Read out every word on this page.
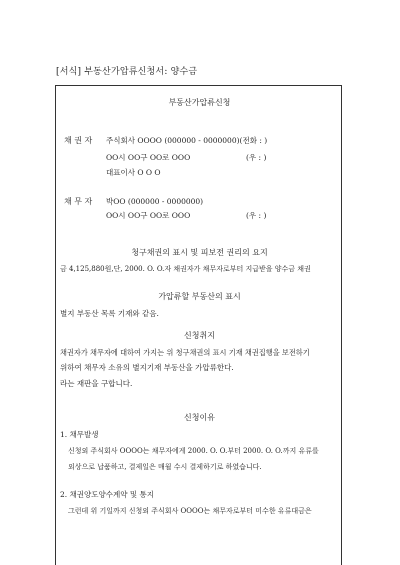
[서식] 부동산가압류신청서: 양수금
부동산가압류신청
채 권 자 주식회사 OOOO (000000 - 0000000)(전화 : )
OO시 OO구 OO로 OOO	(우 : )
대표이사 O O O
채 무 자 박OO (000000 - 0000000)
OO시 OO구 OO로 OOO	(우 : )
청구채권의 표시 및 피보전 권리의 요지
금 4,125,880원,단, 2000. O. O.자 채권자가 채무자로부터 지급받을 양수금 채권
가압류할 부동산의 표시
별지 부동산 목록 기재와 같음.
신청취지
채권자가 채무자에 대하여 가지는 위 청구채권의 표시 기재 채권집행을 보전하기
위하여 채무자 소유의 별지기재 부동산을 가압류한다.
라는 재판을 구합니다.
신청이유
1. 채무발생
신청외 주식회사 OOOO는 채무자에게 2000. O. O.부터 2000. O. O.까지 유류를
외상으로 납품하고, 결제일은 매월 수시 결제하기로 하였습니다.
2. 채권양도양수계약 및 통지
그런데 위 기일까지 신청외 주식회사 OOOO는 채무자로부터 미수한 유류대금은
